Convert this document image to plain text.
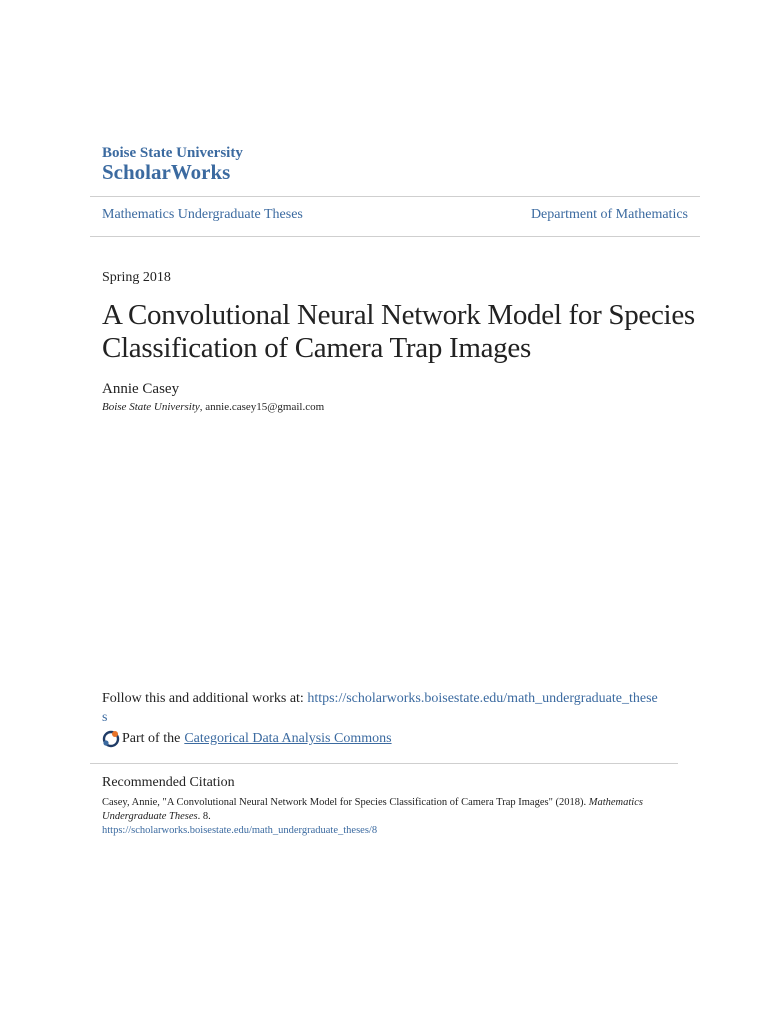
Boise State University
ScholarWorks
Mathematics Undergraduate Theses	Department of Mathematics
Spring 2018
A Convolutional Neural Network Model for Species Classification of Camera Trap Images
Annie Casey
Boise State University, annie.casey15@gmail.com
Follow this and additional works at: https://scholarworks.boisestate.edu/math_undergraduate_theses
Part of the Categorical Data Analysis Commons
Recommended Citation
Casey, Annie, "A Convolutional Neural Network Model for Species Classification of Camera Trap Images" (2018). Mathematics Undergraduate Theses. 8.
https://scholarworks.boisestate.edu/math_undergraduate_theses/8
